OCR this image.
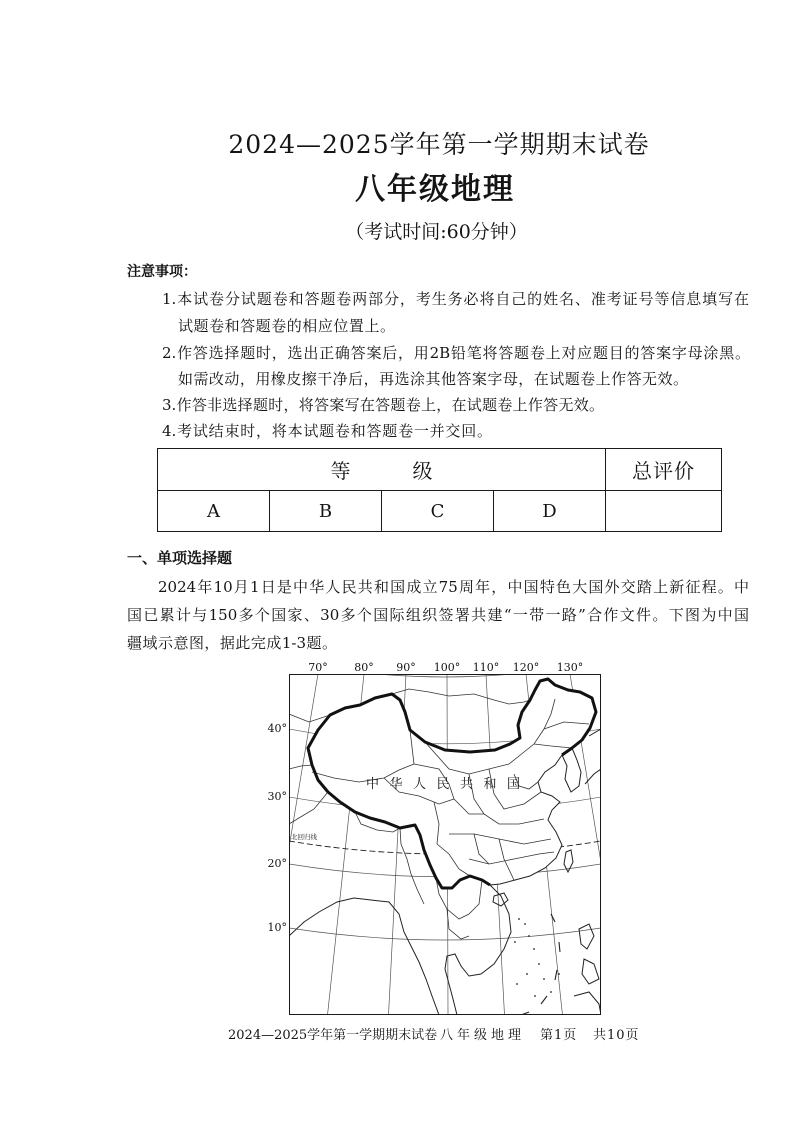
2024—2025学年第一学期期末试卷
八年级地理
（考试时间:60分钟）
注意事项：
1.本试卷分试题卷和答题卷两部分，考生务必将自己的姓名、准考证号等信息填写在
试题卷和答题卷的相应位置上。
2.作答选择题时，选出正确答案后，用2B铅笔将答题卷上对应题目的答案字母涂黑。
如需改动，用橡皮擦干净后，再选涂其他答案字母，在试题卷上作答无效。
3.作答非选择题时，将答案写在答题卷上，在试题卷上作答无效。
4.考试结束时，将本试题卷和答题卷一并交回。
等级				总评价
A	B	C	D	
一、单项选择题
2024年10月1日是中华人民共和国成立75周年，中国特色大国外交踏上新征程。中
国已累计与150多个国家、30多个国际组织签署共建“一带一路”合作文件。下图为中国
疆域示意图，据此完成1-3题。
70°	80°	90°	100°	110°	120°	130°
40°
30°
20°
10°
北回归线
中华人民共和国
2024—2025学年第一学期期末试卷 八年级地理 第1页 共10页
